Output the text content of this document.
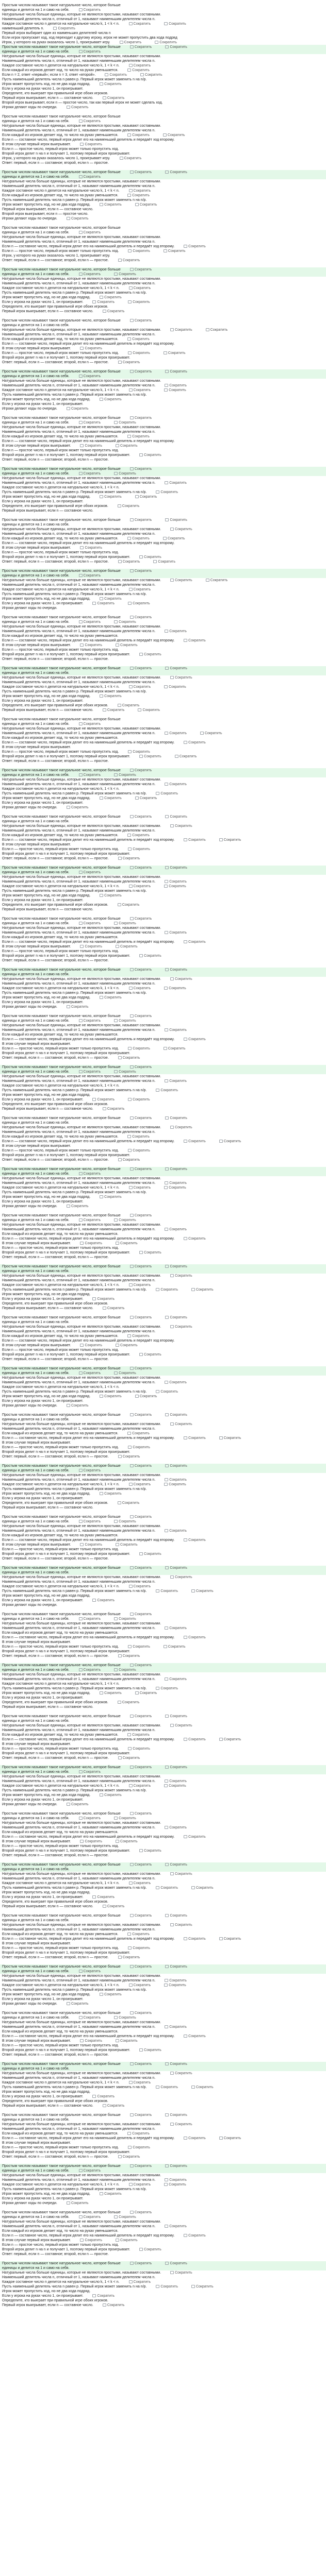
Простым числом называют такое натуральное число, которое больше
единицы и делится на 1 и само на себя.	Сократить
Натуральные числа больше единицы, которые не являются простыми, называют составными.
Наименьший делитель числа n, отличный от 1, называют наименьшим делителем числа n.
Каждое составное число n делится на натуральное число k, 1 < k < n.	Сократить	Сократить
наименьший делитель n.	Сократить
Первый игрок выбирает один из наименьших делителей числа n
Если игрок пропускает ход, ход переходит к другому игроку, игрок не может пропустить два хода подряд
Игрок, у которого на руках оказалось число 1, проигрывает игру.	Сократить	Сократить
Простым числом называют такое натуральное число, которое больше	Сократить	Сократить
единицы и делится на 1 и само на себя.	Сократить
Натуральные числа больше единицы, которые не являются простыми, называют составными.
Наименьший делитель числа n, отличный от 1, называют наименьшим делителем числа n.
Каждое составное число n делится на натуральное число k, 1 < k < n.	Сократить
Если каждый из игроков делает ход, то число на руках уменьшается.	Сократить
Если n = 2, ответ «первый»; если n = 3, ответ «второй».	Сократить	Сократить
Пусть наименьший делитель числа n равен p. Первый игрок может заменить n на n/p.
Игрок может пропустить ход, но не два хода подряд.	Сократить
Если у игрока на руках число 1, он проигрывает.
Определите, кто выиграет при правильной игре обоих игроков.
Первый игрок выигрывает, если n — составное число.	Сократить
Второй игрок выигрывает, если n — простое число, так как первый игрок не может сделать ход.
Игроки делают ходы по очереди.	Сократить
Простым числом называют такое натуральное число, которое больше
единицы и делится на 1 и само на себя.	Сократить
Натуральные числа больше единицы, которые не являются простыми, называют составными.
Наименьший делитель числа n, отличный от 1, называют наименьшим делителем числа n.
Если каждый из игроков делает ход, то число на руках уменьшается.	Сократить	Сократить
Если n — составное число, первый игрок делит его на наименьший делитель и передаёт ход второму.
В этом случае первый игрок выигрывает.	Сократить
Если n — простое число, первый игрок может только пропустить ход.
Второй игрок делит n на n и получает 1, поэтому первый игрок проигрывает.
Игрок, у которого на руках оказалось число 1, проигрывает игру.	Сократить
Ответ: первый, если n — составное; второй, если n — простое.
Простым числом называют такое натуральное число, которое больше	Сократить	Сократить
единицы и делится на 1 и само на себя.	Сократить
Натуральные числа больше единицы, которые не являются простыми, называют составными.
Наименьший делитель числа n, отличный от 1, называют наименьшим делителем числа n.
Каждое составное число n делится на натуральное число k, 1 < k < n.	Сократить
Если каждый из игроков делает ход, то число на руках уменьшается.	Сократить
Пусть наименьший делитель числа n равен p. Первый игрок может заменить n на n/p.
Игрок может пропустить ход, но не два хода подряд.	Сократить	Сократить
Первый игрок выигрывает, если n — составное число.
Второй игрок выигрывает, если n — простое число.
Игроки делают ходы по очереди.	Сократить
Простым числом называют такое натуральное число, которое больше
единицы и делится на 1 и само на себя.	Сократить
Натуральные числа больше единицы, которые не являются простыми, называют составными.
Наименьший делитель числа n, отличный от 1, называют наименьшим делителем числа n.
Если n — составное число, первый игрок делит его на наименьший делитель и передаёт ход второму.	Сократить
Если n — простое число, первый игрок может только пропустить ход.	Сократить	Сократить
Игрок, у которого на руках оказалось число 1, проигрывает игру.
Ответ: первый, если n — составное; второй, если n — простое.	Сократить
Простым числом называют такое натуральное число, которое больше	Сократить
единицы и делится на 1 и само на себя.	Сократить	Сократить
Натуральные числа больше единицы, которые не являются простыми, называют составными.
Наименьший делитель числа n, отличный от 1, называют наименьшим делителем числа n.
Каждое составное число n делится на натуральное число k, 1 < k < n.	Сократить
Пусть наименьший делитель числа n равен p. Первый игрок может заменить n на n/p.
Игрок может пропустить ход, но не два хода подряд.	Сократить
Если у игрока на руках число 1, он проигрывает.	Сократить	Сократить
Определите, кто выиграет при правильной игре обоих игроков.
Первый игрок выигрывает, если n — составное число.	Сократить
Простым числом называют такое натуральное число, которое больше	Сократить
единицы и делится на 1 и само на себя.
Натуральные числа больше единицы, которые не являются простыми, называют составными.	Сократить	Сократить
Наименьший делитель числа n, отличный от 1, называют наименьшим делителем числа n.
Если каждый из игроков делает ход, то число на руках уменьшается.	Сократить
Если n — составное число, первый игрок делит его на наименьший делитель и передаёт ход второму.
В этом случае первый игрок выигрывает.	Сократить
Если n — простое число, первый игрок может только пропустить ход.	Сократить	Сократить
Второй игрок делит n на n и получает 1, поэтому первый игрок проигрывает.
Ответ: первый, если n — составное; второй, если n — простое.	Сократить
Простым числом называют такое натуральное число, которое больше	Сократить	Сократить
единицы и делится на 1 и само на себя.	Сократить
Натуральные числа больше единицы, которые не являются простыми, называют составными.
Наименьший делитель числа n, отличный от 1, называют наименьшим делителем числа n.	Сократить
Каждое составное число n делится на натуральное число k, 1 < k < n.	Сократить	Сократить
Пусть наименьший делитель числа n равен p. Первый игрок может заменить n на n/p.
Игрок может пропустить ход, но не два хода подряд.	Сократить
Если у игрока на руках число 1, он проигрывает.
Игроки делают ходы по очереди.	Сократить
Простым числом называют такое натуральное число, которое больше	Сократить
единицы и делится на 1 и само на себя.	Сократить	Сократить
Натуральные числа больше единицы, которые не являются простыми, называют составными.
Наименьший делитель числа n, отличный от 1, называют наименьшим делителем числа n.
Если каждый из игроков делает ход, то число на руках уменьшается.	Сократить
Если n — составное число, первый игрок делит его на наименьший делитель и передаёт ход второму.
В этом случае первый игрок выигрывает.	Сократить	Сократить
Если n — простое число, первый игрок может только пропустить ход.
Второй игрок делит n на n и получает 1, поэтому первый игрок проигрывает.	Сократить
Ответ: первый, если n — составное; второй, если n — простое.
Простым числом называют такое натуральное число, которое больше	Сократить
единицы и делится на 1 и само на себя.	Сократить	Сократить
Натуральные числа больше единицы, которые не являются простыми, называют составными.
Наименьший делитель числа n, отличный от 1, называют наименьшим делителем числа n.	Сократить
Каждое составное число n делится на натуральное число k, 1 < k < n.
Пусть наименьший делитель числа n равен p. Первый игрок может заменить n на n/p.	Сократить
Игрок может пропустить ход, но не два хода подряд.	Сократить	Сократить
Если у игрока на руках число 1, он проигрывает.
Определите, кто выиграет при правильной игре обоих игроков.	Сократить
Первый игрок выигрывает, если n — составное число.
Простым числом называют такое натуральное число, которое больше	Сократить	Сократить
единицы и делится на 1 и само на себя.
Натуральные числа больше единицы, которые не являются простыми, называют составными.	Сократить
Наименьший делитель числа n, отличный от 1, называют наименьшим делителем числа n.
Если каждый из игроков делает ход, то число на руках уменьшается.	Сократить	Сократить
Если n — составное число, первый игрок делит его на наименьший делитель и передаёт ход второму.
В этом случае первый игрок выигрывает.	Сократить
Если n — простое число, первый игрок может только пропустить ход.
Второй игрок делит n на n и получает 1, поэтому первый игрок проигрывает.	Сократить
Ответ: первый, если n — составное; второй, если n — простое.	Сократить	Сократить
Простым числом называют такое натуральное число, которое больше	Сократить
единицы и делится на 1 и само на себя.	Сократить
Натуральные числа больше единицы, которые не являются простыми, называют составными.	Сократить	Сократить
Наименьший делитель числа n, отличный от 1, называют наименьшим делителем числа n.
Каждое составное число n делится на натуральное число k, 1 < k < n.	Сократить
Пусть наименьший делитель числа n равен p. Первый игрок может заменить n на n/p.
Игрок может пропустить ход, но не два хода подряд.	Сократить
Если у игрока на руках число 1, он проигрывает.	Сократить	Сократить
Игроки делают ходы по очереди.
Простым числом называют такое натуральное число, которое больше	Сократить
единицы и делится на 1 и само на себя.	Сократить	Сократить
Натуральные числа больше единицы, которые не являются простыми, называют составными.
Наименьший делитель числа n, отличный от 1, называют наименьшим делителем числа n.	Сократить
Если каждый из игроков делает ход, то число на руках уменьшается.
Если n — составное число, первый игрок делит его на наименьший делитель и передаёт ход второму.	Сократить
В этом случае первый игрок выигрывает.	Сократить	Сократить
Если n — простое число, первый игрок может только пропустить ход.
Второй игрок делит n на n и получает 1, поэтому первый игрок проигрывает.	Сократить
Ответ: первый, если n — составное; второй, если n — простое.
Простым числом называют такое натуральное число, которое больше	Сократить	Сократить
единицы и делится на 1 и само на себя.
Натуральные числа больше единицы, которые не являются простыми, называют составными.	Сократить
Наименьший делитель числа n, отличный от 1, называют наименьшим делителем числа n.
Каждое составное число n делится на натуральное число k, 1 < k < n.	Сократить	Сократить
Пусть наименьший делитель числа n равен p. Первый игрок может заменить n на n/p.
Игрок может пропустить ход, но не два хода подряд.	Сократить
Если у игрока на руках число 1, он проигрывает.
Определите, кто выиграет при правильной игре обоих игроков.	Сократить
Первый игрок выигрывает, если n — составное число.	Сократить	Сократить
Простым числом называют такое натуральное число, которое больше
единицы и делится на 1 и само на себя.	Сократить
Натуральные числа больше единицы, которые не являются простыми, называют составными.
Наименьший делитель числа n, отличный от 1, называют наименьшим делителем числа n.	Сократить	Сократить
Если каждый из игроков делает ход, то число на руках уменьшается.
Если n — составное число, первый игрок делит его на наименьший делитель и передаёт ход второму.	Сократить
В этом случае первый игрок выигрывает.
Если n — простое число, первый игрок может только пропустить ход.	Сократить
Второй игрок делит n на n и получает 1, поэтому первый игрок проигрывает.	Сократить	Сократить
Ответ: первый, если n — составное; второй, если n — простое.
Простым числом называют такое натуральное число, которое больше	Сократить
единицы и делится на 1 и само на себя.	Сократить	Сократить
Натуральные числа больше единицы, которые не являются простыми, называют составными.
Наименьший делитель числа n, отличный от 1, называют наименьшим делителем числа n.	Сократить
Каждое составное число n делится на натуральное число k, 1 < k < n.
Пусть наименьший делитель числа n равен p. Первый игрок может заменить n на n/p.	Сократить
Игрок может пропустить ход, но не два хода подряд.	Сократить	Сократить
Если у игрока на руках число 1, он проигрывает.
Игроки делают ходы по очереди.	Сократить
Простым числом называют такое натуральное число, которое больше	Сократить	Сократить
единицы и делится на 1 и само на себя.
Натуральные числа больше единицы, которые не являются простыми, называют составными.	Сократить
Наименьший делитель числа n, отличный от 1, называют наименьшим делителем числа n.
Если каждый из игроков делает ход, то число на руках уменьшается.	Сократить
Если n — составное число, первый игрок делит его на наименьший делитель и передаёт ход второму.	Сократить	Сократить
В этом случае первый игрок выигрывает.
Если n — простое число, первый игрок может только пропустить ход.	Сократить
Второй игрок делит n на n и получает 1, поэтому первый игрок проигрывает.
Ответ: первый, если n — составное; второй, если n — простое.	Сократить
Простым числом называют такое натуральное число, которое больше	Сократить	Сократить
единицы и делится на 1 и само на себя.	Сократить
Натуральные числа больше единицы, которые не являются простыми, называют составными.
Наименьший делитель числа n, отличный от 1, называют наименьшим делителем числа n.	Сократить
Каждое составное число n делится на натуральное число k, 1 < k < n.	Сократить	Сократить
Пусть наименьший делитель числа n равен p. Первый игрок может заменить n на n/p.
Игрок может пропустить ход, но не два хода подряд.	Сократить
Если у игрока на руках число 1, он проигрывает.
Определите, кто выиграет при правильной игре обоих игроков.	Сократить
Первый игрок выигрывает, если n — составное число.
Простым числом называют такое натуральное число, которое больше	Сократить
единицы и делится на 1 и само на себя.	Сократить	Сократить
Натуральные числа больше единицы, которые не являются простыми, называют составными.
Наименьший делитель числа n, отличный от 1, называют наименьшим делителем числа n.	Сократить
Если каждый из игроков делает ход, то число на руках уменьшается.
Если n — составное число, первый игрок делит его на наименьший делитель и передаёт ход второму.	Сократить
В этом случае первый игрок выигрывает.	Сократить	Сократить
Если n — простое число, первый игрок может только пропустить ход.
Второй игрок делит n на n и получает 1, поэтому первый игрок проигрывает.	Сократить
Ответ: первый, если n — составное; второй, если n — простое.
Простым числом называют такое натуральное число, которое больше	Сократить	Сократить
единицы и делится на 1 и само на себя.
Натуральные числа больше единицы, которые не являются простыми, называют составными.	Сократить
Наименьший делитель числа n, отличный от 1, называют наименьшим делителем числа n.
Каждое составное число n делится на натуральное число k, 1 < k < n.	Сократить	Сократить
Пусть наименьший делитель числа n равен p. Первый игрок может заменить n на n/p.
Игрок может пропустить ход, но не два хода подряд.	Сократить
Если у игрока на руках число 1, он проигрывает.
Игроки делают ходы по очереди.	Сократить
Простым числом называют такое натуральное число, которое больше	Сократить
единицы и делится на 1 и само на себя.	Сократить	Сократить
Натуральные числа больше единицы, которые не являются простыми, называют составными.
Наименьший делитель числа n, отличный от 1, называют наименьшим делителем числа n.	Сократить
Если каждый из игроков делает ход, то число на руках уменьшается.
Если n — составное число, первый игрок делит его на наименьший делитель и передаёт ход второму.	Сократить
В этом случае первый игрок выигрывает.
Если n — простое число, первый игрок может только пропустить ход.	Сократить	Сократить
Второй игрок делит n на n и получает 1, поэтому первый игрок проигрывает.
Ответ: первый, если n — составное; второй, если n — простое.	Сократить
Простым числом называют такое натуральное число, которое больше	Сократить
единицы и делится на 1 и само на себя.	Сократить	Сократить
Натуральные числа больше единицы, которые не являются простыми, называют составными.
Наименьший делитель числа n, отличный от 1, называют наименьшим делителем числа n.	Сократить
Каждое составное число n делится на натуральное число k, 1 < k < n.
Пусть наименьший делитель числа n равен p. Первый игрок может заменить n на n/p.	Сократить
Игрок может пропустить ход, но не два хода подряд.
Если у игрока на руках число 1, он проигрывает.	Сократить	Сократить
Определите, кто выиграет при правильной игре обоих игроков.
Первый игрок выигрывает, если n — составное число.	Сократить
Простым числом называют такое натуральное число, которое больше	Сократить	Сократить
единицы и делится на 1 и само на себя.
Натуральные числа больше единицы, которые не являются простыми, называют составными.	Сократить
Наименьший делитель числа n, отличный от 1, называют наименьшим делителем числа n.
Если каждый из игроков делает ход, то число на руках уменьшается.	Сократить
Если n — составное число, первый игрок делит его на наименьший делитель и передаёт ход второму.	Сократить	Сократить
В этом случае первый игрок выигрывает.
Если n — простое число, первый игрок может только пропустить ход.	Сократить
Второй игрок делит n на n и получает 1, поэтому первый игрок проигрывает.
Ответ: первый, если n — составное; второй, если n — простое.	Сократить
Простым числом называют такое натуральное число, которое больше	Сократить	Сократить
единицы и делится на 1 и само на себя.	Сократить
Натуральные числа больше единицы, которые не являются простыми, называют составными.
Наименьший делитель числа n, отличный от 1, называют наименьшим делителем числа n.	Сократить
Каждое составное число n делится на натуральное число k, 1 < k < n.	Сократить	Сократить
Пусть наименьший делитель числа n равен p. Первый игрок может заменить n на n/p.
Игрок может пропустить ход, но не два хода подряд.	Сократить
Если у игрока на руках число 1, он проигрывает.
Игроки делают ходы по очереди.	Сократить
Простым числом называют такое натуральное число, которое больше	Сократить
единицы и делится на 1 и само на себя.	Сократить	Сократить
Натуральные числа больше единицы, которые не являются простыми, называют составными.
Наименьший делитель числа n, отличный от 1, называют наименьшим делителем числа n.	Сократить
Если каждый из игроков делает ход, то число на руках уменьшается.
Если n — составное число, первый игрок делит его на наименьший делитель и передаёт ход второму.	Сократить
В этом случае первый игрок выигрывает.	Сократить	Сократить
Если n — простое число, первый игрок может только пропустить ход.
Второй игрок делит n на n и получает 1, поэтому первый игрок проигрывает.	Сократить
Ответ: первый, если n — составное; второй, если n — простое.
Простым числом называют такое натуральное число, которое больше	Сократить	Сократить
единицы и делится на 1 и само на себя.
Натуральные числа больше единицы, которые не являются простыми, называют составными.	Сократить
Наименьший делитель числа n, отличный от 1, называют наименьшим делителем числа n.
Каждое составное число n делится на натуральное число k, 1 < k < n.	Сократить
Пусть наименьший делитель числа n равен p. Первый игрок может заменить n на n/p.	Сократить	Сократить
Игрок может пропустить ход, но не два хода подряд.
Если у игрока на руках число 1, он проигрывает.	Сократить
Определите, кто выиграет при правильной игре обоих игроков.
Первый игрок выигрывает, если n — составное число.	Сократить
Простым числом называют такое натуральное число, которое больше	Сократить	Сократить
единицы и делится на 1 и само на себя.
Натуральные числа больше единицы, которые не являются простыми, называют составными.	Сократить
Наименьший делитель числа n, отличный от 1, называют наименьшим делителем числа n.
Если каждый из игроков делает ход, то число на руках уменьшается.	Сократить
Если n — составное число, первый игрок делит его на наименьший делитель и передаёт ход второму.
В этом случае первый игрок выигрывает.	Сократить	Сократить
Если n — простое число, первый игрок может только пропустить ход.
Второй игрок делит n на n и получает 1, поэтому первый игрок проигрывает.	Сократить
Ответ: первый, если n — составное; второй, если n — простое.
Простым числом называют такое натуральное число, которое больше	Сократить
единицы и делится на 1 и само на себя.	Сократить	Сократить
Натуральные числа больше единицы, которые не являются простыми, называют составными.
Наименьший делитель числа n, отличный от 1, называют наименьшим делителем числа n.	Сократить
Каждое составное число n делится на натуральное число k, 1 < k < n.
Пусть наименьший делитель числа n равен p. Первый игрок может заменить n на n/p.	Сократить
Игрок может пропустить ход, но не два хода подряд.	Сократить	Сократить
Если у игрока на руках число 1, он проигрывает.
Игроки делают ходы по очереди.	Сократить
Простым числом называют такое натуральное число, которое больше	Сократить	Сократить
единицы и делится на 1 и само на себя.
Натуральные числа больше единицы, которые не являются простыми, называют составными.	Сократить
Наименьший делитель числа n, отличный от 1, называют наименьшим делителем числа n.
Если каждый из игроков делает ход, то число на руках уменьшается.	Сократить
Если n — составное число, первый игрок делит его на наименьший делитель и передаёт ход второму.	Сократить	Сократить
В этом случае первый игрок выигрывает.
Если n — простое число, первый игрок может только пропустить ход.	Сократить
Второй игрок делит n на n и получает 1, поэтому первый игрок проигрывает.
Ответ: первый, если n — составное; второй, если n — простое.	Сократить
Простым числом называют такое натуральное число, которое больше	Сократить	Сократить
единицы и делится на 1 и само на себя.	Сократить
Натуральные числа больше единицы, которые не являются простыми, называют составными.
Наименьший делитель числа n, отличный от 1, называют наименьшим делителем числа n.	Сократить
Каждое составное число n делится на натуральное число k, 1 < k < n.	Сократить	Сократить
Пусть наименьший делитель числа n равен p. Первый игрок может заменить n на n/p.
Игрок может пропустить ход, но не два хода подряд.	Сократить
Если у игрока на руках число 1, он проигрывает.
Определите, кто выиграет при правильной игре обоих игроков.	Сократить
Первый игрок выигрывает, если n — составное число.
Простым числом называют такое натуральное число, которое больше	Сократить
единицы и делится на 1 и само на себя.	Сократить	Сократить
Натуральные числа больше единицы, которые не являются простыми, называют составными.
Наименьший делитель числа n, отличный от 1, называют наименьшим делителем числа n.	Сократить
Если каждый из игроков делает ход, то число на руках уменьшается.
Если n — составное число, первый игрок делит его на наименьший делитель и передаёт ход второму.	Сократить
В этом случае первый игрок выигрывает.	Сократить	Сократить
Если n — простое число, первый игрок может только пропустить ход.
Второй игрок делит n на n и получает 1, поэтому первый игрок проигрывает.	Сократить
Ответ: первый, если n — составное; второй, если n — простое.
Простым числом называют такое натуральное число, которое больше	Сократить	Сократить
единицы и делится на 1 и само на себя.
Натуральные числа больше единицы, которые не являются простыми, называют составными.	Сократить
Наименьший делитель числа n, отличный от 1, называют наименьшим делителем числа n.
Каждое составное число n делится на натуральное число k, 1 < k < n.	Сократить
Пусть наименьший делитель числа n равен p. Первый игрок может заменить n на n/p.	Сократить	Сократить
Игрок может пропустить ход, но не два хода подряд.
Если у игрока на руках число 1, он проигрывает.	Сократить
Игроки делают ходы по очереди.
Простым числом называют такое натуральное число, которое больше	Сократить
единицы и делится на 1 и само на себя.	Сократить	Сократить
Натуральные числа больше единицы, которые не являются простыми, называют составными.
Наименьший делитель числа n, отличный от 1, называют наименьшим делителем числа n.	Сократить
Если каждый из игроков делает ход, то число на руках уменьшается.
Если n — составное число, первый игрок делит его на наименьший делитель и передаёт ход второму.	Сократить
В этом случае первый игрок выигрывает.
Если n — простое число, первый игрок может только пропустить ход.	Сократить	Сократить
Второй игрок делит n на n и получает 1, поэтому первый игрок проигрывает.
Ответ: первый, если n — составное; второй, если n — простое.	Сократить
Простым числом называют такое натуральное число, которое больше	Сократить
единицы и делится на 1 и само на себя.	Сократить	Сократить
Натуральные числа больше единицы, которые не являются простыми, называют составными.
Наименьший делитель числа n, отличный от 1, называют наименьшим делителем числа n.	Сократить
Каждое составное число n делится на натуральное число k, 1 < k < n.
Пусть наименьший делитель числа n равен p. Первый игрок может заменить n на n/p.	Сократить
Игрок может пропустить ход, но не два хода подряд.	Сократить	Сократить
Если у игрока на руках число 1, он проигрывает.
Определите, кто выиграет при правильной игре обоих игроков.	Сократить
Первый игрок выигрывает, если n — составное число.
Простым числом называют такое натуральное число, которое больше	Сократить	Сократить
единицы и делится на 1 и само на себя.
Натуральные числа больше единицы, которые не являются простыми, называют составными.	Сократить
Наименьший делитель числа n, отличный от 1, называют наименьшим делителем числа n.
Если каждый из игроков делает ход, то число на руках уменьшается.	Сократить
Если n — составное число, первый игрок делит его на наименьший делитель и передаёт ход второму.	Сократить	Сократить
В этом случае первый игрок выигрывает.
Если n — простое число, первый игрок может только пропустить ход.	Сократить
Второй игрок делит n на n и получает 1, поэтому первый игрок проигрывает.
Ответ: первый, если n — составное; второй, если n — простое.	Сократить
Простым числом называют такое натуральное число, которое больше	Сократить	Сократить
единицы и делится на 1 и само на себя.	Сократить
Натуральные числа больше единицы, которые не являются простыми, называют составными.
Наименьший делитель числа n, отличный от 1, называют наименьшим делителем числа n.	Сократить
Каждое составное число n делится на натуральное число k, 1 < k < n.	Сократить	Сократить
Пусть наименьший делитель числа n равен p. Первый игрок может заменить n на n/p.
Игрок может пропустить ход, но не два хода подряд.	Сократить
Если у игрока на руках число 1, он проигрывает.
Игроки делают ходы по очереди.	Сократить
Простым числом называют такое натуральное число, которое больше	Сократить
единицы и делится на 1 и само на себя.	Сократить	Сократить
Натуральные числа больше единицы, которые не являются простыми, называют составными.
Наименьший делитель числа n, отличный от 1, называют наименьшим делителем числа n.	Сократить
Если каждый из игроков делает ход, то число на руках уменьшается.
Если n — составное число, первый игрок делит его на наименьший делитель и передаёт ход второму.	Сократить
В этом случае первый игрок выигрывает.	Сократить	Сократить
Если n — простое число, первый игрок может только пропустить ход.
Второй игрок делит n на n и получает 1, поэтому первый игрок проигрывает.	Сократить
Ответ: первый, если n — составное; второй, если n — простое.
Простым числом называют такое натуральное число, которое больше	Сократить	Сократить
единицы и делится на 1 и само на себя.
Натуральные числа больше единицы, которые не являются простыми, называют составными.	Сократить
Наименьший делитель числа n, отличный от 1, называют наименьшим делителем числа n.
Каждое составное число n делится на натуральное число k, 1 < k < n.	Сократить
Пусть наименьший делитель числа n равен p. Первый игрок может заменить n на n/p.	Сократить	Сократить
Игрок может пропустить ход, но не два хода подряд.
Если у игрока на руках число 1, он проигрывает.	Сократить
Определите, кто выиграет при правильной игре обоих игроков.
Первый игрок выигрывает, если n — составное число.	Сократить
Простым числом называют такое натуральное число, которое больше	Сократить	Сократить
единицы и делится на 1 и само на себя.
Натуральные числа больше единицы, которые не являются простыми, называют составными.	Сократить
Наименьший делитель числа n, отличный от 1, называют наименьшим делителем числа n.
Если каждый из игроков делает ход, то число на руках уменьшается.	Сократить
Если n — составное число, первый игрок делит его на наименьший делитель и передаёт ход второму.	Сократить	Сократить
В этом случае первый игрок выигрывает.
Если n — простое число, первый игрок может только пропустить ход.	Сократить
Второй игрок делит n на n и получает 1, поэтому первый игрок проигрывает.
Ответ: первый, если n — составное; второй, если n — простое.	Сократить
Простым числом называют такое натуральное число, которое больше	Сократить	Сократить
единицы и делится на 1 и само на себя.	Сократить
Натуральные числа больше единицы, которые не являются простыми, называют составными.
Наименьший делитель числа n, отличный от 1, называют наименьшим делителем числа n.	Сократить
Каждое составное число n делится на натуральное число k, 1 < k < n.	Сократить	Сократить
Пусть наименьший делитель числа n равен p. Первый игрок может заменить n на n/p.
Игрок может пропустить ход, но не два хода подряд.	Сократить
Если у игрока на руках число 1, он проигрывает.
Игроки делают ходы по очереди.	Сократить
Простым числом называют такое натуральное число, которое больше	Сократить
единицы и делится на 1 и само на себя.	Сократить	Сократить
Натуральные числа больше единицы, которые не являются простыми, называют составными.
Наименьший делитель числа n, отличный от 1, называют наименьшим делителем числа n.	Сократить
Если каждый из игроков делает ход, то число на руках уменьшается.
Если n — составное число, первый игрок делит его на наименьший делитель и передаёт ход второму.	Сократить
В этом случае первый игрок выигрывает.	Сократить	Сократить
Если n — простое число, первый игрок может только пропустить ход.
Второй игрок делит n на n и получает 1, поэтому первый игрок проигрывает.	Сократить
Ответ: первый, если n — составное; второй, если n — простое.
Простым числом называют такое натуральное число, которое больше	Сократить	Сократить
единицы и делится на 1 и само на себя.
Натуральные числа больше единицы, которые не являются простыми, называют составными.	Сократить
Наименьший делитель числа n, отличный от 1, называют наименьшим делителем числа n.
Каждое составное число n делится на натуральное число k, 1 < k < n.	Сократить
Пусть наименьший делитель числа n равен p. Первый игрок может заменить n на n/p.	Сократить	Сократить
Игрок может пропустить ход, но не два хода подряд.
Если у игрока на руках число 1, он проигрывает.	Сократить
Определите, кто выиграет при правильной игре обоих игроков.
Первый игрок выигрывает, если n — составное число.	Сократить
Простым числом называют такое натуральное число, которое больше	Сократить	Сократить
единицы и делится на 1 и само на себя.
Натуральные числа больше единицы, которые не являются простыми, называют составными.	Сократить
Наименьший делитель числа n, отличный от 1, называют наименьшим делителем числа n.
Если каждый из игроков делает ход, то число на руках уменьшается.	Сократить
Если n — составное число, первый игрок делит его на наименьший делитель и передаёт ход второму.	Сократить	Сократить
В этом случае первый игрок выигрывает.
Если n — простое число, первый игрок может только пропустить ход.	Сократить
Второй игрок делит n на n и получает 1, поэтому первый игрок проигрывает.
Ответ: первый, если n — составное; второй, если n — простое.	Сократить
Простым числом называют такое натуральное число, которое больше	Сократить	Сократить
единицы и делится на 1 и само на себя.	Сократить
Натуральные числа больше единицы, которые не являются простыми, называют составными.
Наименьший делитель числа n, отличный от 1, называют наименьшим делителем числа n.	Сократить
Каждое составное число n делится на натуральное число k, 1 < k < n.	Сократить	Сократить
Пусть наименьший делитель числа n равен p. Первый игрок может заменить n на n/p.
Игрок может пропустить ход, но не два хода подряд.	Сократить
Если у игрока на руках число 1, он проигрывает.
Игроки делают ходы по очереди.	Сократить
Простым числом называют такое натуральное число, которое больше	Сократить
единицы и делится на 1 и само на себя.	Сократить	Сократить
Натуральные числа больше единицы, которые не являются простыми, называют составными.
Наименьший делитель числа n, отличный от 1, называют наименьшим делителем числа n.	Сократить
Если каждый из игроков делает ход, то число на руках уменьшается.
Если n — составное число, первый игрок делит его на наименьший делитель и передаёт ход второму.	Сократить
В этом случае первый игрок выигрывает.	Сократить	Сократить
Если n — простое число, первый игрок может только пропустить ход.
Второй игрок делит n на n и получает 1, поэтому первый игрок проигрывает.	Сократить
Ответ: первый, если n — составное; второй, если n — простое.
Простым числом называют такое натуральное число, которое больше	Сократить	Сократить
единицы и делится на 1 и само на себя.
Натуральные числа больше единицы, которые не являются простыми, называют составными.	Сократить
Наименьший делитель числа n, отличный от 1, называют наименьшим делителем числа n.
Каждое составное число n делится на натуральное число k, 1 < k < n.	Сократить
Пусть наименьший делитель числа n равен p. Первый игрок может заменить n на n/p.	Сократить	Сократить
Игрок может пропустить ход, но не два хода подряд.
Если у игрока на руках число 1, он проигрывает.	Сократить
Определите, кто выиграет при правильной игре обоих игроков.
Первый игрок выигрывает, если n — составное число.	Сократить
